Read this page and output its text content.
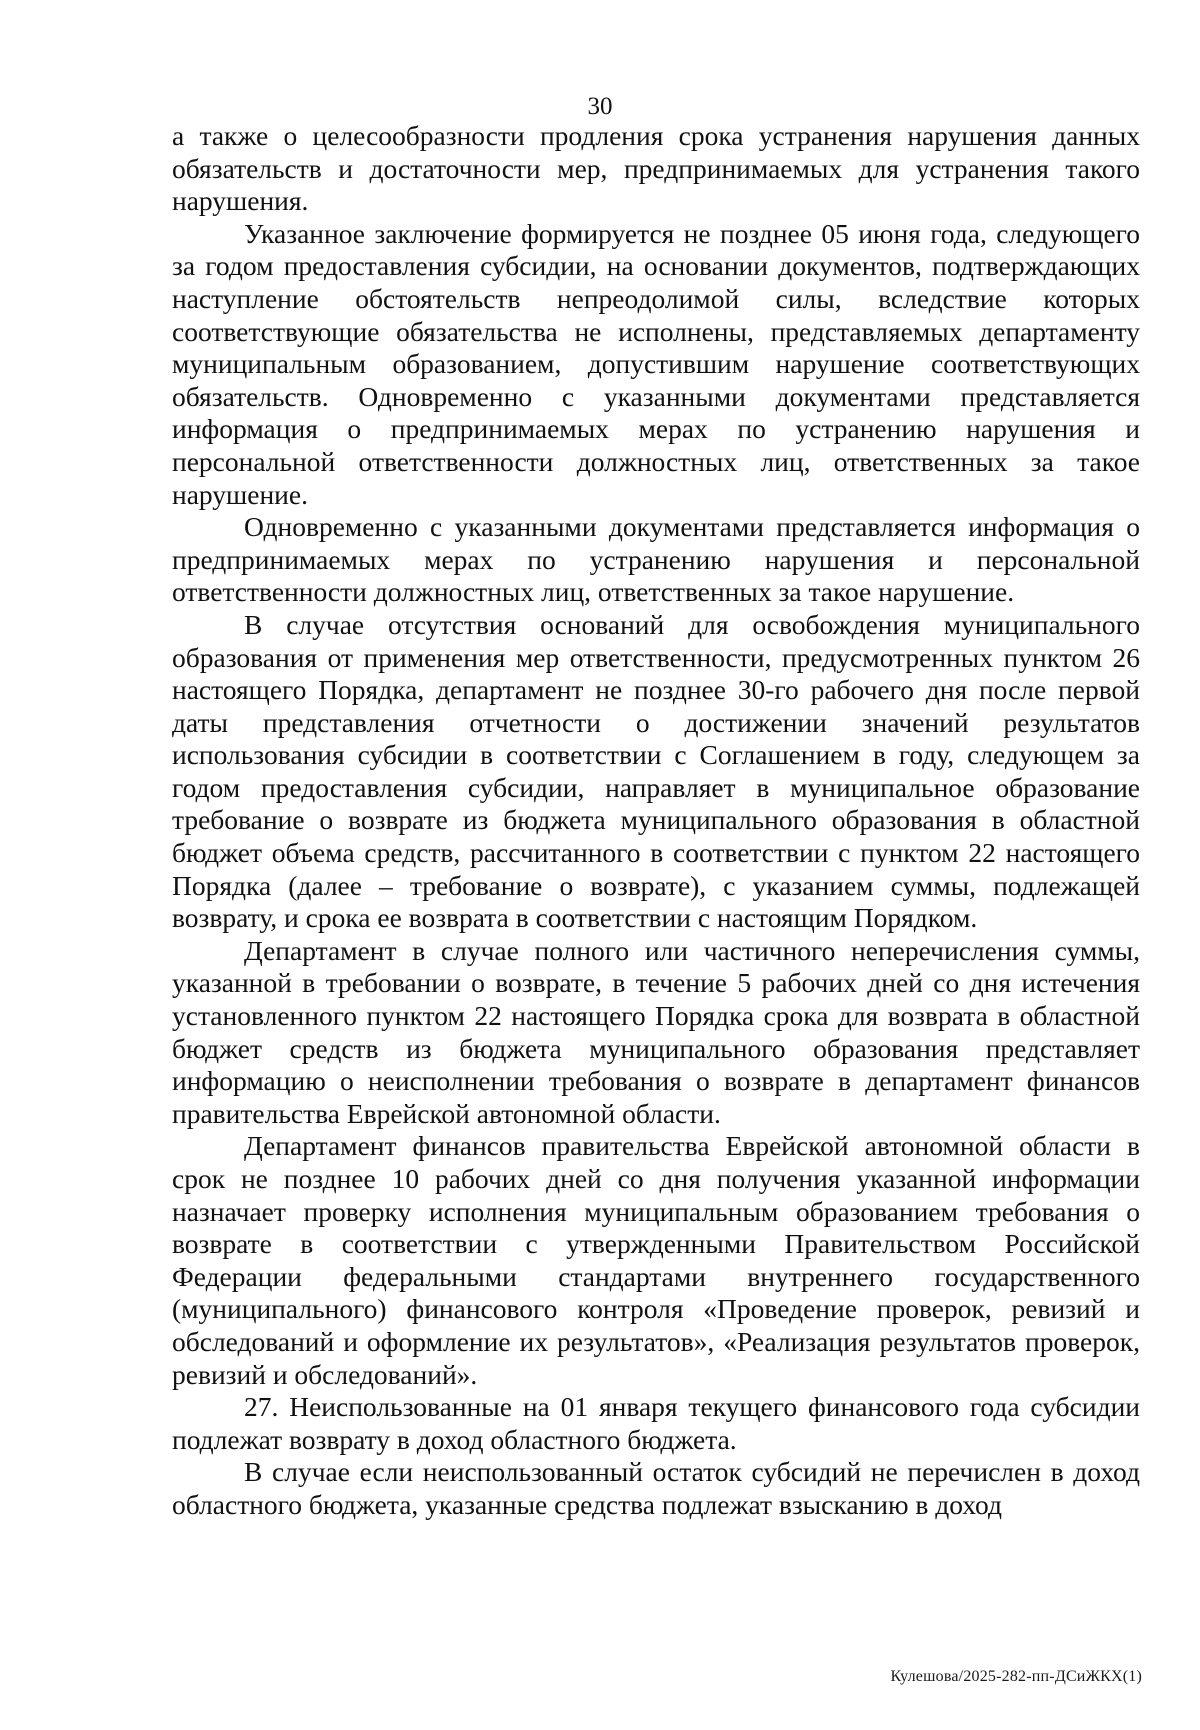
30

а также о целесообразности продления срока устранения нарушения данных обязательств и достаточности мер, предпринимаемых для устранения такого нарушения.

Указанное заключение формируется не позднее 05 июня года, следующего за годом предоставления субсидии, на основании документов, подтверждающих наступление обстоятельств непреодолимой силы, вследствие которых соответствующие обязательства не исполнены, представляемых департаменту муниципальным образованием, допустившим нарушение соответствующих обязательств. Одновременно с указанными документами представляется информация о предпринимаемых мерах по устранению нарушения и персональной ответственности должностных лиц, ответственных за такое нарушение.

Одновременно с указанными документами представляется информация о предпринимаемых мерах по устранению нарушения и персональной ответственности должностных лиц, ответственных за такое нарушение.

В случае отсутствия оснований для освобождения муниципального образования от применения мер ответственности, предусмотренных пунктом 26 настоящего Порядка, департамент не позднее 30-го рабочего дня после первой даты представления отчетности о достижении значений результатов использования субсидии в соответствии с Соглашением в году, следующем за годом предоставления субсидии, направляет в муниципальное образование требование о возврате из бюджета муниципального образования в областной бюджет объема средств, рассчитанного в соответствии с пунктом 22 настоящего Порядка (далее – требование о возврате), с указанием суммы, подлежащей возврату, и срока ее возврата в соответствии с настоящим Порядком.

Департамент в случае полного или частичного неперечисления суммы, указанной в требовании о возврате, в течение 5 рабочих дней со дня истечения установленного пунктом 22 настоящего Порядка срока для возврата в областной бюджет средств из бюджета муниципального образования представляет информацию о неисполнении требования о возврате в департамент финансов правительства Еврейской автономной области.

Департамент финансов правительства Еврейской автономной области в срок не позднее 10 рабочих дней со дня получения указанной информации назначает проверку исполнения муниципальным образованием требования о возврате в соответствии с утвержденными Правительством Российской Федерации федеральными стандартами внутреннего государственного (муниципального) финансового контроля «Проведение проверок, ревизий и обследований и оформление их результатов», «Реализация результатов проверок, ревизий и обследований».

27. Неиспользованные на 01 января текущего финансового года субсидии подлежат возврату в доход областного бюджета.

В случае если неиспользованный остаток субсидий не перечислен в доход областного бюджета, указанные средства подлежат взысканию в доход

Кулешова/2025-282-пп-ДСиЖКХ(1)
